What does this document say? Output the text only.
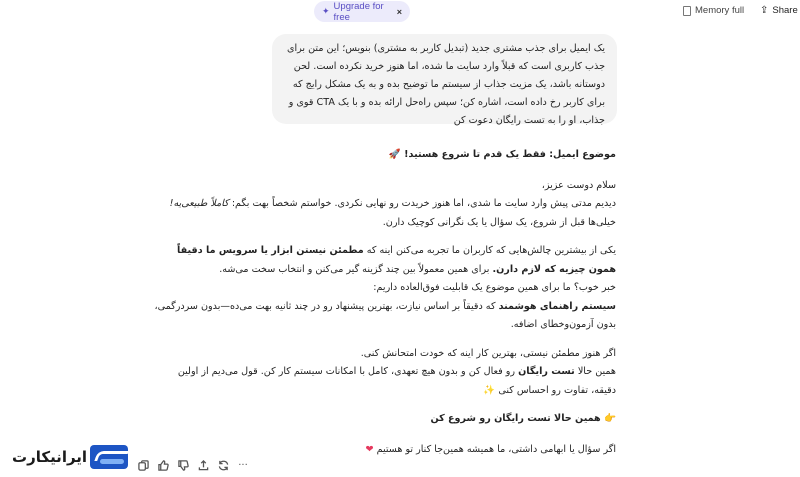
✦ Upgrade for free	×	Memory full ⇪ Share
یک ایمیل برای جذب مشتری جدید (تبدیل کاربر به مشتری) بنویس؛ این متن برای جذب کاربری است که قبلاً وارد سایت ما شده، اما هنوز خرید نکرده است. لحن دوستانه باشد، یک مزیت جذاب از سیستم ما توضیح بده و به یک مشکل رایج که برای کاربر رخ داده است، اشاره کن؛ سپس راه‌حل ارائه بده و با یک CTA قوی و جذاب، او را به تست رایگان دعوت کن

موضوع ایمیل: فقط یک قدم تا شروع هستید! 🚀

سلام دوست عزیز،
دیدیم مدتی پیش وارد سایت ما شدی، اما هنوز خریدت رو نهایی نکردی. خواستم شخصاً بهت بگم: کاملاً طبیعی‌یه!
خیلی‌ها قبل از شروع، یک سؤال یا یک نگرانی کوچیک دارن.

یکی از بیشترین چالش‌هایی که کاربران ما تجربه می‌کنن اینه که مطمئن نیستن ابزار یا سرویس ما دقیقاً همون چیزیه که لازم دارن. برای همین معمولاً بین چند گزینه گیر می‌کنن و انتخاب سخت می‌شه.
خبر خوب؟ ما برای همین موضوع یک قابلیت فوق‌العاده داریم:
سیستم راهنمای هوشمند که دقیقاً بر اساس نیازت، بهترین پیشنهاد رو در چند ثانیه بهت می‌ده—بدون سردرگمی، بدون آزمون‌وخطای اضافه.

اگر هنوز مطمئن نیستی، بهترین کار اینه که خودت امتحانش کنی.
همین حالا تست رایگان رو فعال کن و بدون هیچ تعهدی، کامل با امکانات سیستم کار کن. قول می‌دیم از اولین دقیقه، تفاوت رو احساس کنی ✨

👉 همین حالا تست رایگان رو شروع کن

اگر سؤال یا ابهامی داشتی، ما همیشه همین‌جا کنار تو هستیم ❤

···
ایرانیکارت
